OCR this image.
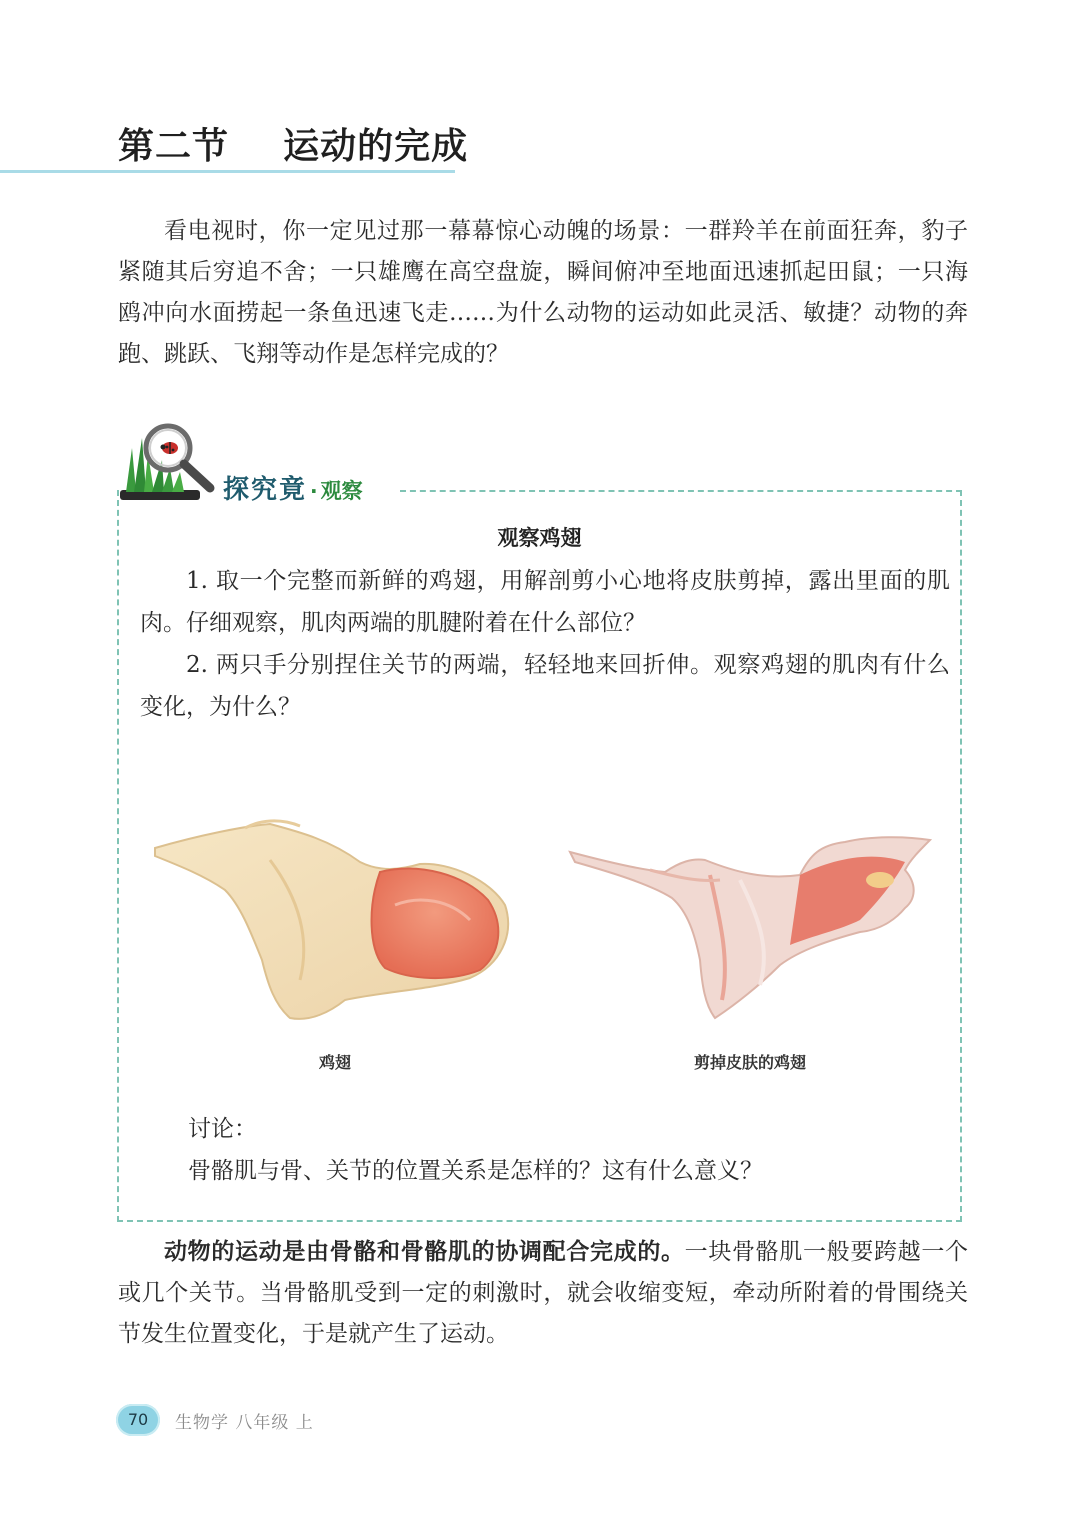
第二节    运动的完成

看电视时，你一定见过那一幕幕惊心动魄的场景：一群羚羊在前面狂奔，豹子紧随其后穷追不舍；一只雄鹰在高空盘旋，瞬间俯冲至地面迅速抓起田鼠；一只海鸥冲向水面捞起一条鱼迅速飞走……为什么动物的运动如此灵活、敏捷？动物的奔跑、跳跃、飞翔等动作是怎样完成的？

探究竟 · 观察
观察鸡翅

1. 取一个完整而新鲜的鸡翅，用解剖剪小心地将皮肤剪掉，露出里面的肌肉。仔细观察，肌肉两端的肌腱附着在什么部位？

2. 两只手分别捏住关节的两端，轻轻地来回折伸。观察鸡翅的肌肉有什么变化，为什么？

鸡翅	剪掉皮肤的鸡翅
讨论：
骨骼肌与骨、关节的位置关系是怎样的？这有什么意义？

动物的运动是由骨骼和骨骼肌的协调配合完成的。一块骨骼肌一般要跨越一个或几个关节。当骨骼肌受到一定的刺激时，就会收缩变短，牵动所附着的骨围绕关节发生位置变化，于是就产生了运动。

70	生物学 八年级 上
